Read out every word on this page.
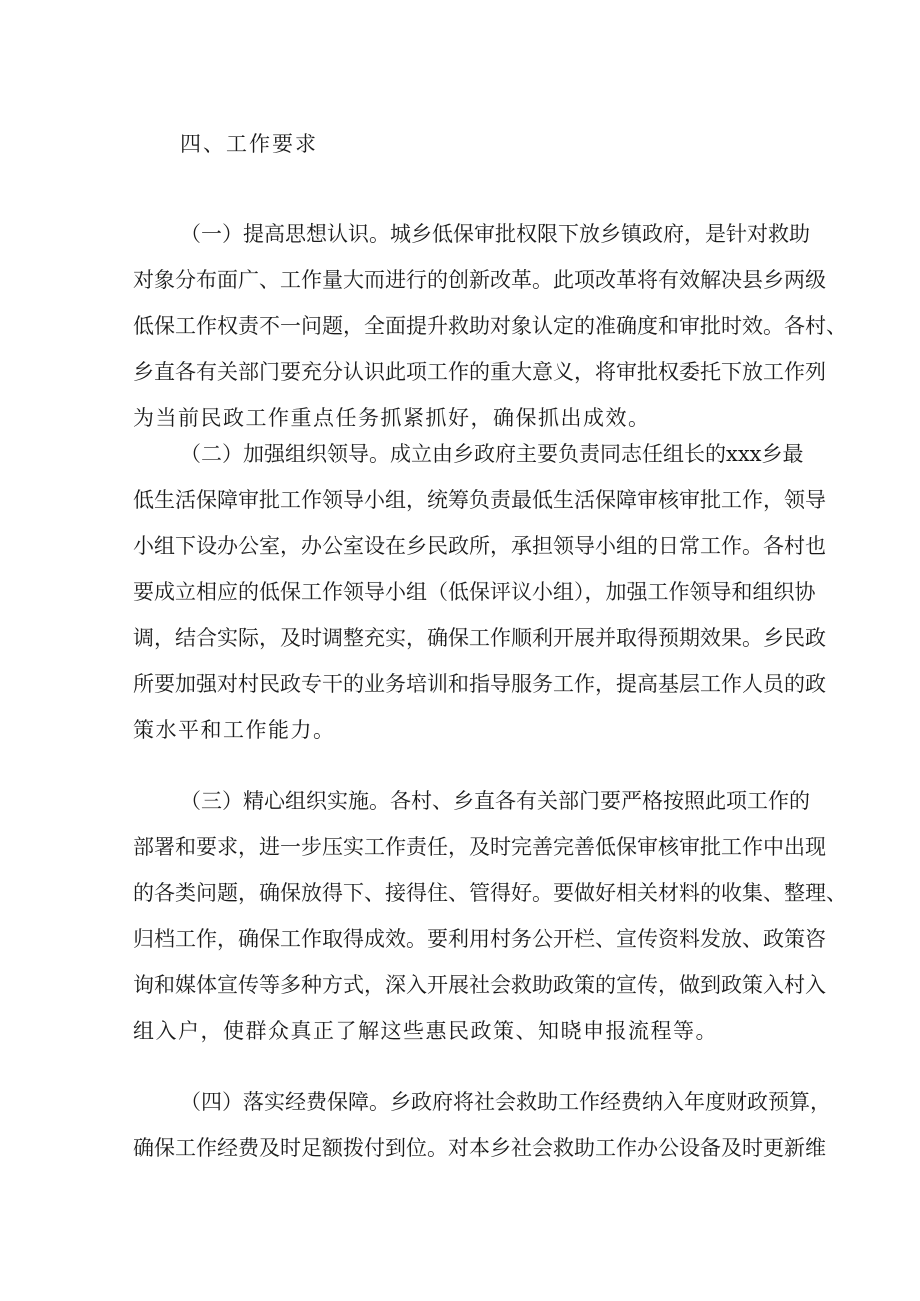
四、工作要求
（一）提高思想认识。城乡低保审批权限下放乡镇政府，是针对救助
对象分布面广、工作量大而进行的创新改革。此项改革将有效解决县乡两级
低保工作权责不一问题，全面提升救助对象认定的准确度和审批时效。各村、
乡直各有关部门要充分认识此项工作的重大意义，将审批权委托下放工作列
为当前民政工作重点任务抓紧抓好，确保抓出成效。
（二）加强组织领导。成立由乡政府主要负责同志任组长的xxx乡最
低生活保障审批工作领导小组，统筹负责最低生活保障审核审批工作，领导
小组下设办公室，办公室设在乡民政所，承担领导小组的日常工作。各村也
要成立相应的低保工作领导小组（低保评议小组），加强工作领导和组织协
调，结合实际，及时调整充实，确保工作顺利开展并取得预期效果。乡民政
所要加强对村民政专干的业务培训和指导服务工作，提高基层工作人员的政
策水平和工作能力。
（三）精心组织实施。各村、乡直各有关部门要严格按照此项工作的
部署和要求，进一步压实工作责任，及时完善完善低保审核审批工作中出现
的各类问题，确保放得下、接得住、管得好。要做好相关材料的收集、整理、
归档工作，确保工作取得成效。要利用村务公开栏、宣传资料发放、政策咨
询和媒体宣传等多种方式，深入开展社会救助政策的宣传，做到政策入村入
组入户，使群众真正了解这些惠民政策、知晓申报流程等。
（四）落实经费保障。乡政府将社会救助工作经费纳入年度财政预算，
确保工作经费及时足额拨付到位。对本乡社会救助工作办公设备及时更新维
